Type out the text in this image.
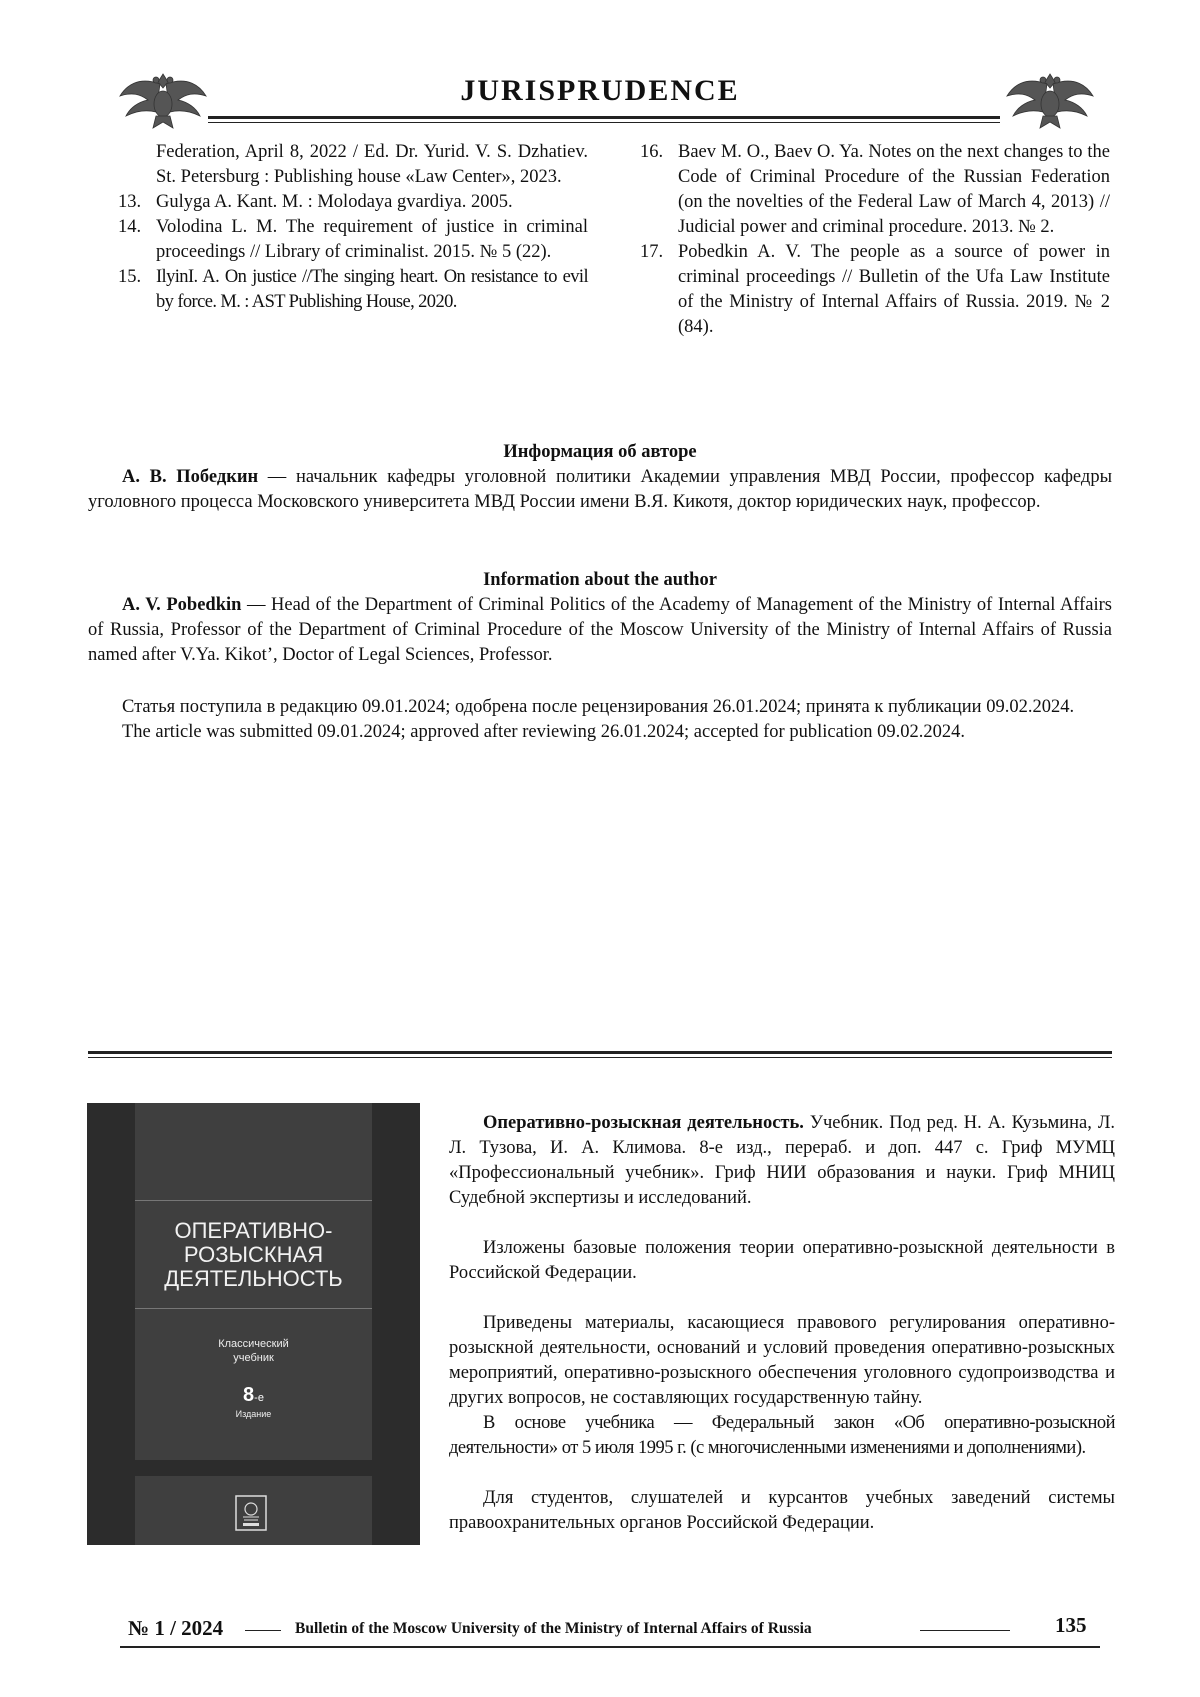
JURISPRUDENCE
Federation, April 8, 2022 / Ed. Dr. Yurid. V. S. Dzhatiev. St. Petersburg : Publishing house «Law Center», 2023.
13. Gulyga A. Kant. M. : Molodaya gvardiya. 2005.
14. Volodina L. M. The requirement of justice in criminal proceedings // Library of criminalist. 2015. № 5 (22).
15. IlyinI. A. On justice //The singing heart. On resistance to evil by force. M. : AST Publishing House, 2020.
16. Baev M. O., Baev O. Ya. Notes on the next changes to the Code of Criminal Procedure of the Russian Federation (on the novelties of the Federal Law of March 4, 2013) // Judicial power and criminal procedure. 2013. № 2.
17. Pobedkin A. V. The people as a source of power in criminal proceedings // Bulletin of the Ufa Law Institute of the Ministry of Internal Affairs of Russia. 2019. № 2 (84).
Информация об авторе

А. В. Победкин — начальник кафедры уголовной политики Академии управления МВД России, профессор кафедры уголовного процесса Московского университета МВД России имени В.Я. Кикотя, доктор юридических наук, профессор.

Information about the author

A. V. Pobedkin — Head of the Department of Criminal Politics of the Academy of Management of the Ministry of Internal Affairs of Russia, Professor of the Department of Criminal Procedure of the Moscow University of the Ministry of Internal Affairs of Russia named after V.Ya. Kikot’, Doctor of Legal Sciences, Professor.

Статья поступила в редакцию 09.01.2024; одобрена после рецензирования 26.01.2024; принята к публикации 09.02.2024.

The article was submitted 09.01.2024; approved after reviewing 26.01.2024; accepted for publication 09.02.2024.

ОПЕРАТИВНО-РОЗЫСКНАЯ ДЕЯТЕЛЬНОСТЬ
Классический
учебник
8-е
Издание

Оперативно-розыскная деятельность. Учебник. Под ред. Н. А. Кузьмина, Л. Л. Тузова, И. А. Климова. 8-е изд., перераб. и доп. 447 с. Гриф МУМЦ «Профессиональный учебник». Гриф НИИ образования и науки. Гриф МНИЦ Судебной экспертизы и исследований.

Изложены базовые положения теории оперативно-розыскной деятельности в Российской Федерации.

Приведены материалы, касающиеся правового регулирования оперативно-розыскной деятельности, оснований и условий проведения оперативно-розыскных мероприятий, оперативно-розыскного обеспечения уголовного судопроизводства и других вопросов, не составляющих государственную тайну.

В основе учебника — Федеральный закон «Об оперативно-розыскной деятельности» от 5 июля 1995 г. (с многочисленными изменениями и дополнениями).

Для студентов, слушателей и курсантов учебных заведений системы правоохранительных органов Российской Федерации.

№ 1 / 2024	Bulletin of the Moscow University of the Ministry of Internal Affairs of Russia	135
